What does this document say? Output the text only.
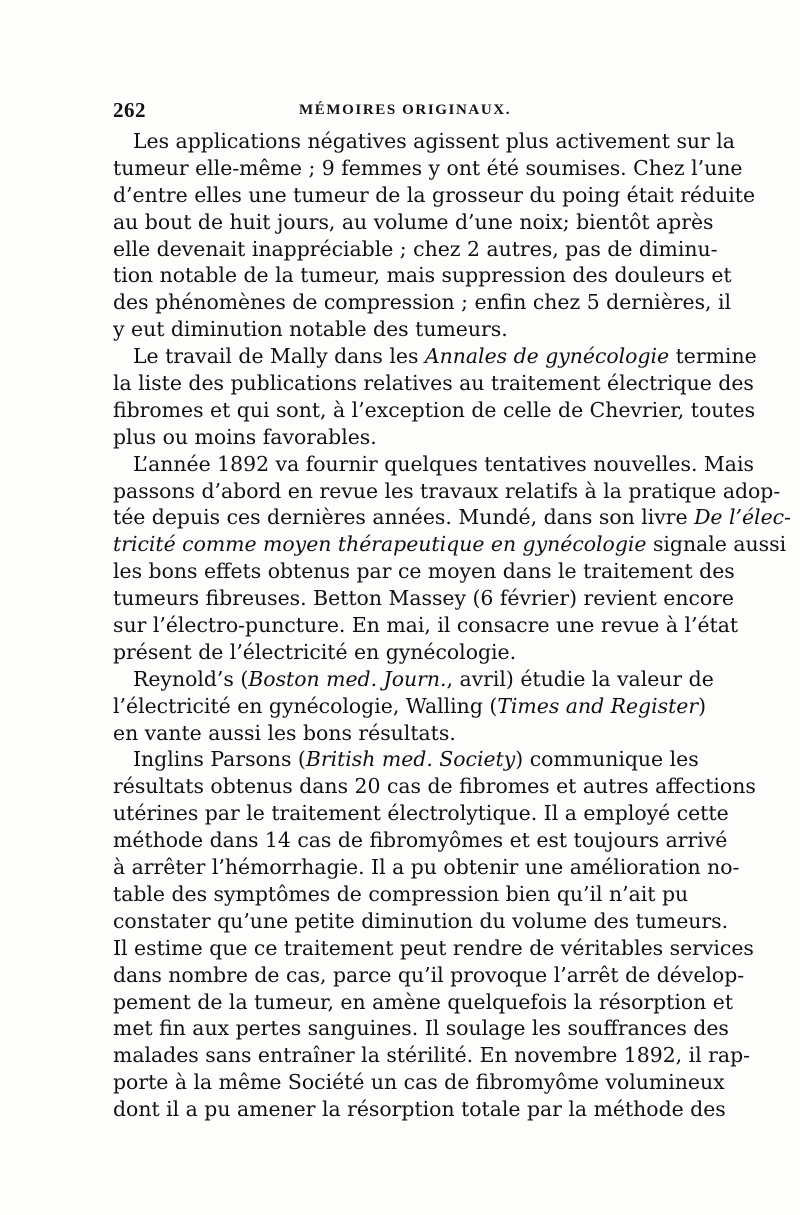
262	MÉMOIRES ORIGINAUX.
Les applications négatives agissent plus activement sur la
tumeur elle-même ; 9 femmes y ont été soumises. Chez l’une
d’entre elles une tumeur de la grosseur du poing était réduite
au bout de huit jours, au volume d’une noix; bientôt après
elle devenait inappréciable ; chez 2 autres, pas de diminu-
tion notable de la tumeur, mais suppression des douleurs et
des phénomènes de compression ; enfin chez 5 dernières, il
y eut diminution notable des tumeurs.
Le travail de Mally dans les Annales de gynécologie termine
la liste des publications relatives au traitement électrique des
fibromes et qui sont, à l’exception de celle de Chevrier, toutes
plus ou moins favorables.
L’année 1892 va fournir quelques tentatives nouvelles. Mais
passons d’abord en revue les travaux relatifs à la pratique adop-
tée depuis ces dernières années. Mundé, dans son livre De l’élec-
tricité comme moyen thérapeutique en gynécologie signale aussi
les bons effets obtenus par ce moyen dans le traitement des
tumeurs fibreuses. Betton Massey (6 février) revient encore
sur l’électro-puncture. En mai, il consacre une revue à l’état
présent de l’électricité en gynécologie.
Reynold’s (Boston med. Journ., avril) étudie la valeur de
l’électricité en gynécologie, Walling (Times and Register)
en vante aussi les bons résultats.
Inglins Parsons (British med. Society) communique les
résultats obtenus dans 20 cas de fibromes et autres affections
utérines par le traitement électrolytique. Il a employé cette
méthode dans 14 cas de fibromyômes et est toujours arrivé
à arrêter l’hémorrhagie. Il a pu obtenir une amélioration no-
table des symptômes de compression bien qu’il n’ait pu
constater qu’une petite diminution du volume des tumeurs.
Il estime que ce traitement peut rendre de véritables services
dans nombre de cas, parce qu’il provoque l’arrêt de dévelop-
pement de la tumeur, en amène quelquefois la résorption et
met fin aux pertes sanguines. Il soulage les souffrances des
malades sans entraîner la stérilité. En novembre 1892, il rap-
porte à la même Société un cas de fibromyôme volumineux
dont il a pu amener la résorption totale par la méthode des
